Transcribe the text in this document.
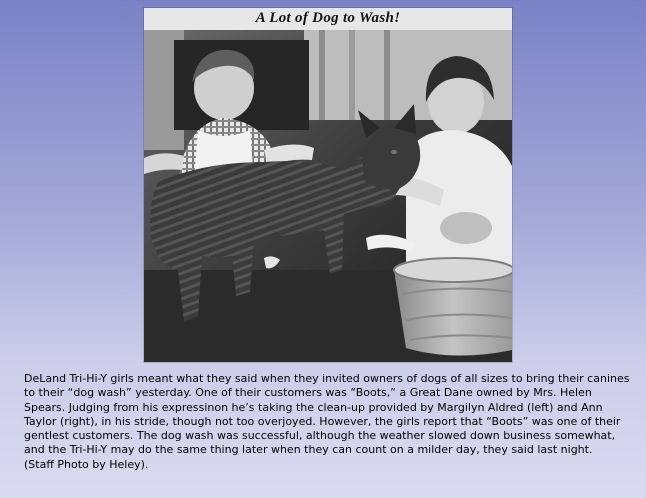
A Lot of Dog to Wash!

DeLand Tri-Hi-Y girls meant what they said when they invited owners of dogs of all sizes to bring their canines to their “dog wash” yesterday. One of their customers was “Boots,” a Great Dane owned by Mrs. Helen Spears. Judging from his expressinon he’s taking the clean-up provided by Margilyn Aldred (left) and Ann Taylor (right), in his stride, though not too overjoyed. However, the girls report that “Boots” was one of their gentlest customers. The dog wash was successful, although the weather slowed down business somewhat, and the Tri-Hi-Y may do the same thing later when they can count on a milder day, they said last night.

(Staff Photo by Heley).
